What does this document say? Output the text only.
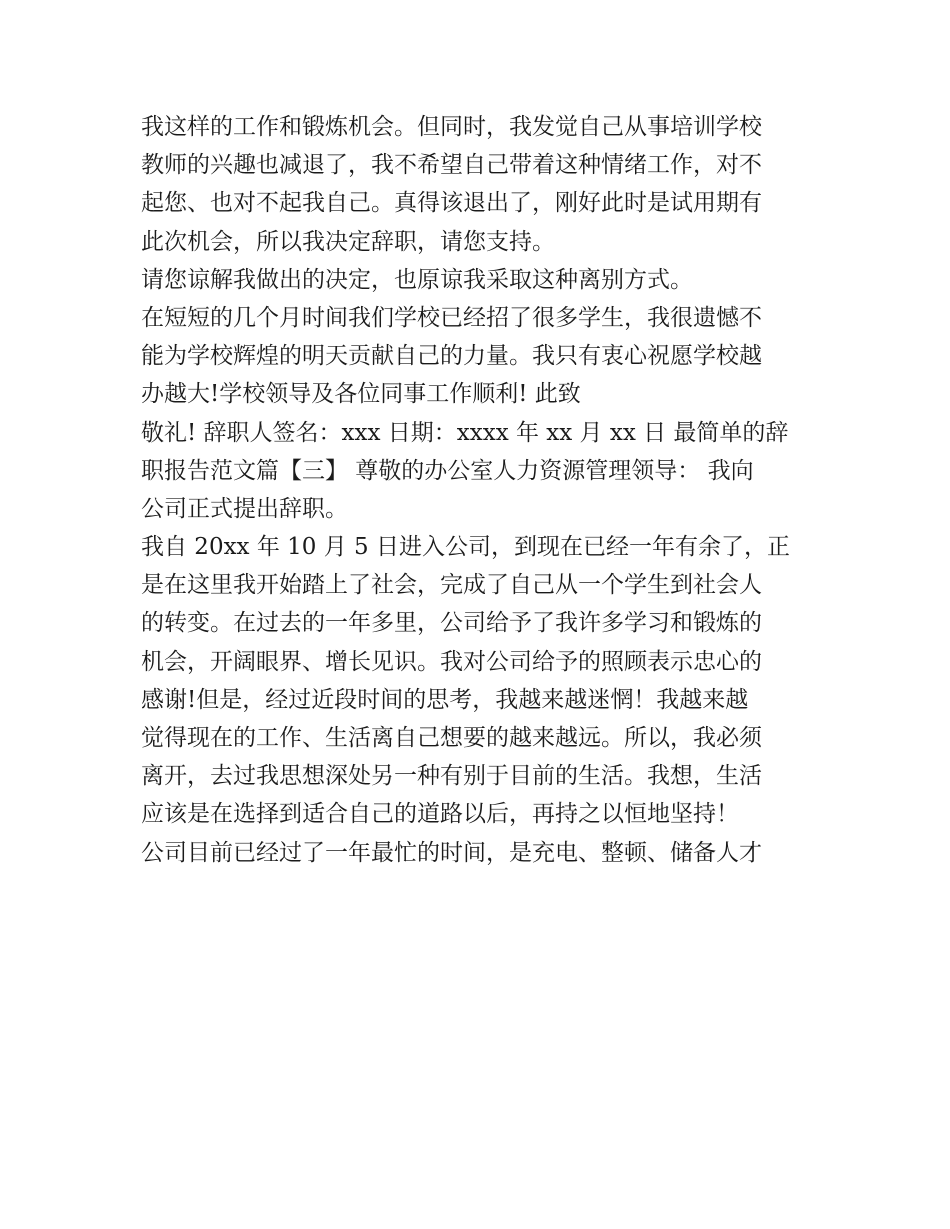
我这样的工作和锻炼机会。但同时，我发觉自己从事培训学校

教师的兴趣也减退了，我不希望自己带着这种情绪工作，对不

起您、也对不起我自己。真得该退出了，刚好此时是试用期有

此次机会，所以我决定辞职，请您支持。

请您谅解我做出的决定，也原谅我采取这种离别方式。

在短短的几个月时间我们学校已经招了很多学生，我很遗憾不

能为学校辉煌的明天贡献自己的力量。我只有衷心祝愿学校越

办越大!学校领导及各位同事工作顺利! 此致

敬礼! 辞职人签名：xxx 日期：xxxx 年 xx 月 xx 日 最简单的辞

职报告范文篇【三】 尊敬的办公室人力资源管理领导： 我向

公司正式提出辞职。

我自 20xx 年 10 月 5 日进入公司，到现在已经一年有余了，正

是在这里我开始踏上了社会，完成了自己从一个学生到社会人

的转变。在过去的一年多里，公司给予了我许多学习和锻炼的

机会，开阔眼界、增长见识。我对公司给予的照顾表示忠心的

感谢!但是，经过近段时间的思考，我越来越迷惘！我越来越

觉得现在的工作、生活离自己想要的越来越远。所以，我必须

离开，去过我思想深处另一种有别于目前的生活。我想，生活

应该是在选择到适合自己的道路以后，再持之以恒地坚持！

公司目前已经过了一年最忙的时间，是充电、整顿、储备人才
